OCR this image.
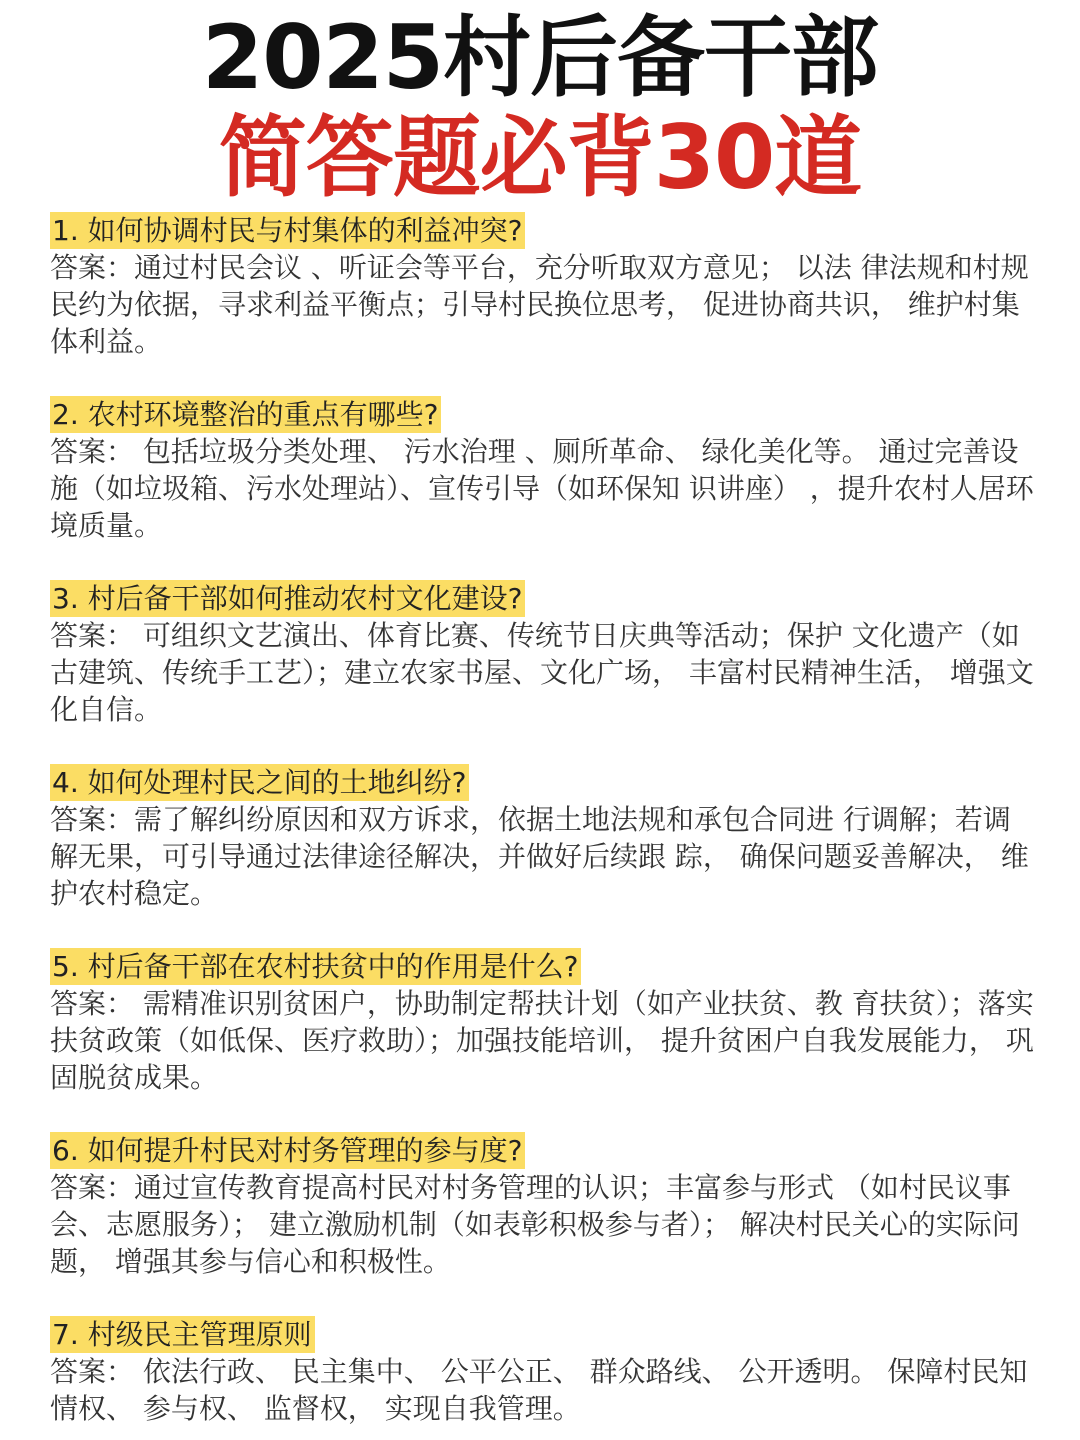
2025村后备干部
简答题必背30道
1. 如何协调村民与村集体的利益冲突?

答案：通过村民会议 、听证会等平台，充分听取双方意见； 以法 律法规和村规民约为依据，寻求利益平衡点；引导村民换位思考， 促进协商共识， 维护村集体利益。

2. 农村环境整治的重点有哪些?

答案： 包括垃圾分类处理、 污水治理 、厕所革命、 绿化美化等。 通过完善设施（如垃圾箱、污水处理站）、宣传引导（如环保知 识讲座） ，提升农村人居环境质量。

3. 村后备干部如何推动农村文化建设?

答案： 可组织文艺演出、体育比赛、传统节日庆典等活动；保护 文化遗产（如古建筑、传统手工艺）；建立农家书屋、文化广场， 丰富村民精神生活， 增强文化自信。

4. 如何处理村民之间的土地纠纷?

答案：需了解纠纷原因和双方诉求，依据土地法规和承包合同进 行调解；若调解无果，可引导通过法律途径解决，并做好后续跟 踪， 确保问题妥善解决， 维护农村稳定。

5. 村后备干部在农村扶贫中的作用是什么?

答案： 需精准识别贫困户，协助制定帮扶计划（如产业扶贫、教 育扶贫）；落实扶贫政策（如低保、医疗救助）；加强技能培训， 提升贫困户自我发展能力， 巩固脱贫成果。

6. 如何提升村民对村务管理的参与度?

答案：通过宣传教育提高村民对村务管理的认识；丰富参与形式 （如村民议事会、志愿服务）； 建立激励机制（如表彰积极参与者）； 解决村民关心的实际问题， 增强其参与信心和积极性。

7. 村级民主管理原则

答案： 依法行政、 民主集中、 公平公正、 群众路线、 公开透明。 保障村民知情权、 参与权、 监督权， 实现自我管理。
